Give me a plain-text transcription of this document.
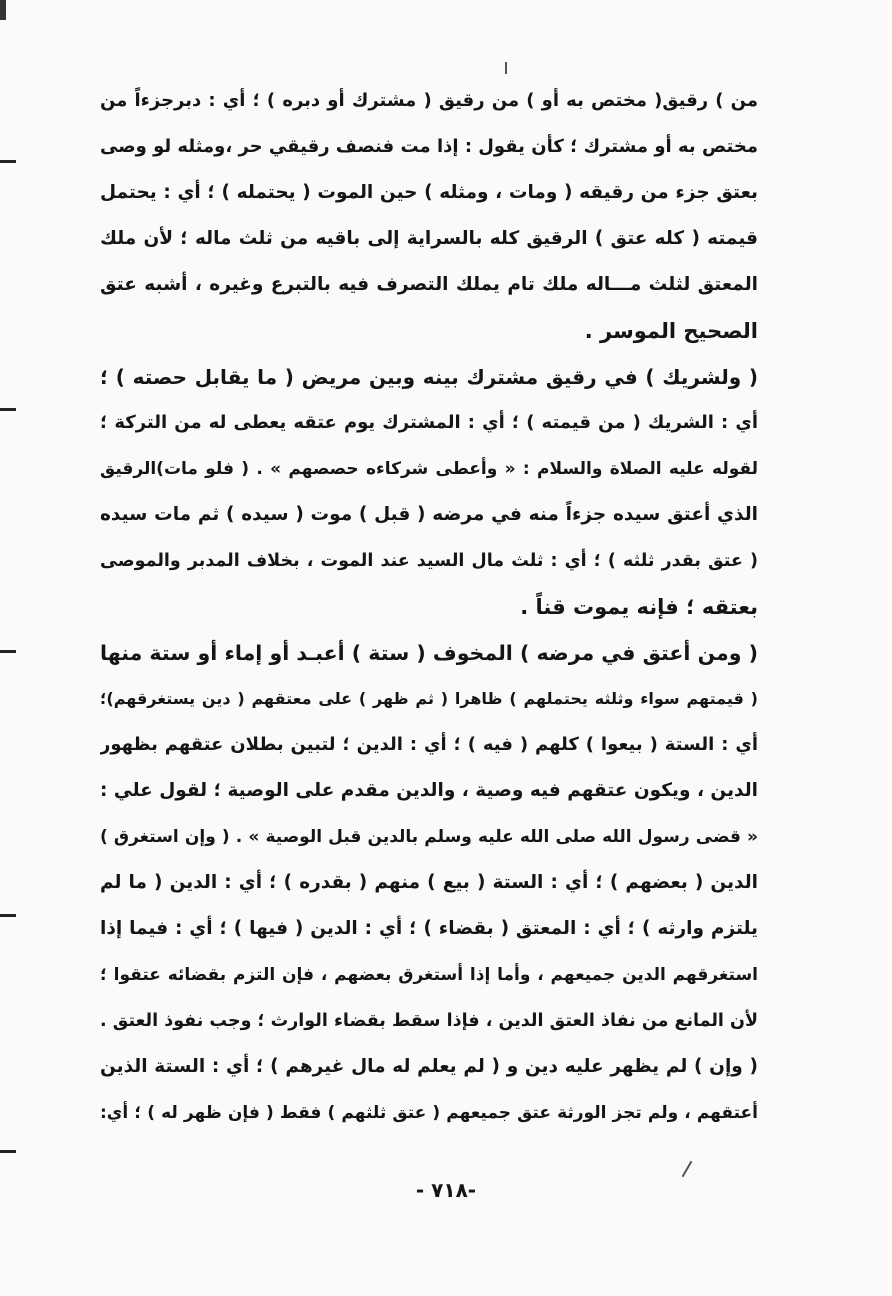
من ) رقيق( مختص به أو ) من رقيق ( مشترك أو دبره ) ؛ أي : دبرجزءاً من
مختص به أو مشترك ؛ كأن يقول : إذا مت فنصف رقيقي حر ،ومثله لو وصى
بعتق جزء من رقيقه ( ومات ، ومثله ) حين الموت ( يحتمله ) ؛ أي : يحتمل
قيمته ( كله عتق ) الرقيق كله بالسراية إلى باقيه من ثلث ماله ؛ لأن ملك
المعتق لثلث مـــاله ملك تام يملك التصرف فيه بالتبرع وغيره ، أشبه عتق
الصحيح الموسر .
( ولشريك ) في رقيق مشترك بينه وبين مريض ( ما يقابل حصته ) ؛
أي : الشريك ( من قيمته ) ؛ أي : المشترك يوم عتقه يعطى له من التركة ؛
لقوله عليه الصلاة والسلام : « وأعطى شركاءه حصصهم » . ( فلو مات)الرقيق
الذي أعتق سيده جزءاً منه في مرضه ( قبل ) موت ( سيده ) ثم مات سيده
( عتق بقدر ثلثه ) ؛ أي : ثلث مال السيد عند الموت ، بخلاف المدبر والموصى
بعتقه ؛ فإنه يموت قناً .
( ومن أعتق في مرضه ) المخوف ( ستة ) أعبـد أو إماء أو ستة منها
( قيمتهم سواء وثلثه يحتملهم ) ظاهرا ( ثم ظهر ) على معتقهم ( دين يستغرقهم)؛
أي : الستة ( بيعوا ) كلهم ( فيه ) ؛ أي : الدين ؛ لتبين بطلان عتقهم بظهور
الدين ، ويكون عتقهم فيه وصية ، والدين مقدم على الوصية ؛ لقول علي :
« قضى رسول الله صلى الله عليه وسلم بالدين قبل الوصية » . ( وإن استغرق )
الدين ( بعضهم ) ؛ أي : الستة ( بيع ) منهم ( بقدره ) ؛ أي : الدين ( ما لم
يلتزم وارثه ) ؛ أي : المعتق ( بقضاء ) ؛ أي : الدين ( فيها ) ؛ أي : فيما إذا
استغرقهم الدين جميعهم ، وأما إذا أستغرق بعضهم ، فإن التزم بقضائه عتقوا ؛
لأن المانع من نفاذ العتق الدين ، فإذا سقط بقضاء الوارث ؛ وجب نفوذ العتق .
( وإن ) لم يظهر عليه دين و ( لم يعلم له مال غيرهم ) ؛ أي : الستة الذين
أعتقهم ، ولم تجز الورثة عتق جميعهم ( عتق ثلثهم ) فقط ( فإن ظهر له ) ؛ أي:
-٧١٨ -
